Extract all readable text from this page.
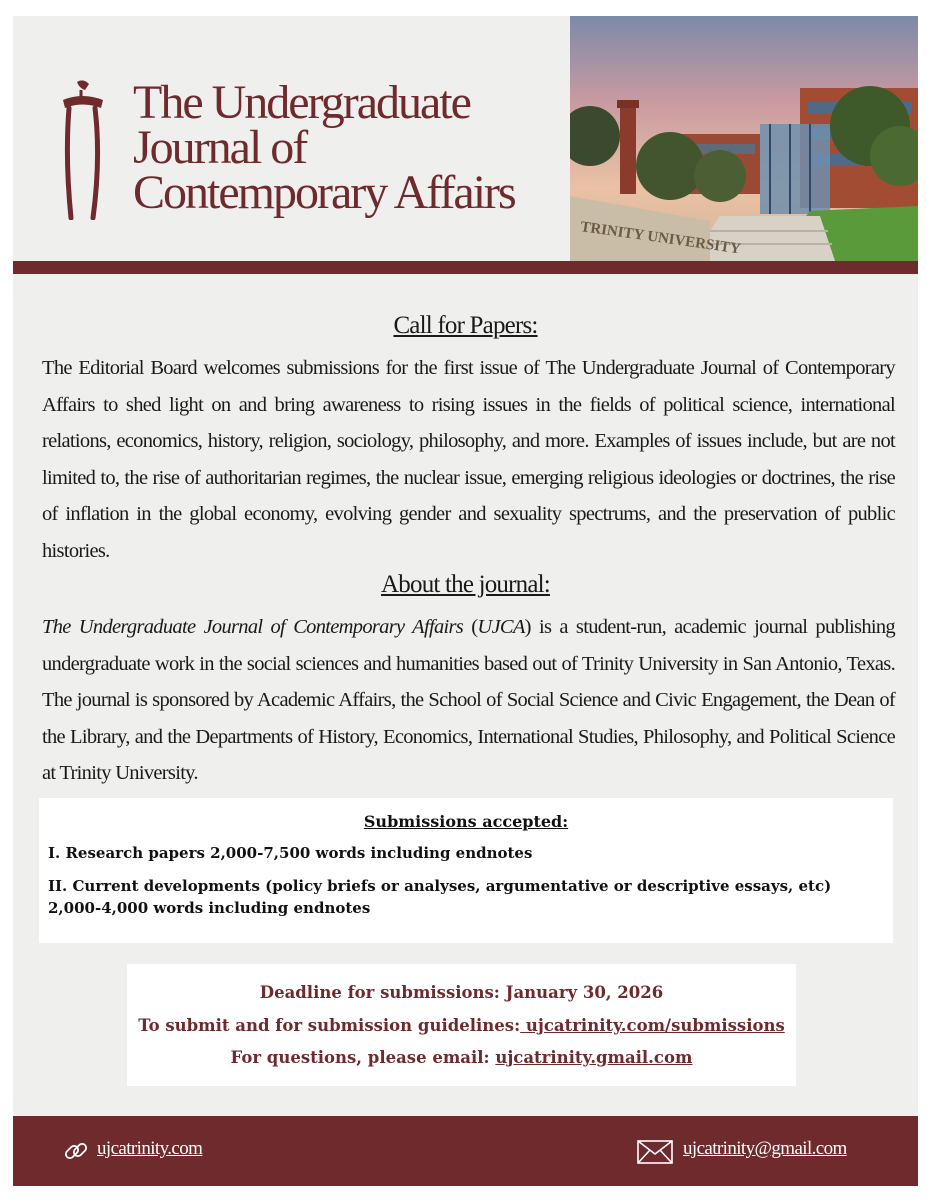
The Undergraduate
Journal of
Contemporary Affairs
TRINITY UNIVERSITY
Call for Papers:

The Editorial Board welcomes submissions for the first issue of The Undergraduate Journal of Contemporary Affairs to shed light on and bring awareness to rising issues in the fields of political science, international relations, economics, history, religion, sociology, philosophy, and more. Examples of issues include, but are not limited to, the rise of authoritarian regimes, the nuclear issue, emerging religious ideologies or doctrines, the rise of inflation in the global economy, evolving gender and sexuality spectrums, and the preservation of public histories.

About the journal:

The Undergraduate Journal of Contemporary Affairs (UJCA) is a student-run, academic journal publishing undergraduate work in the social sciences and humanities based out of Trinity University in San Antonio, Texas. The journal is sponsored by Academic Affairs, the School of Social Science and Civic Engagement, the Dean of the Library, and the Departments of History, Economics, International Studies, Philosophy, and Political Science at Trinity University.

Submissions accepted:
I. Research papers 2,000-7,500 words including endnotes
II. Current developments (policy briefs or analyses, argumentative or descriptive essays, etc) 2,000-4,000 words including endnotes
Deadline for submissions: January 30, 2026
To submit and for submission guidelines: ujcatrinity.com/submissions
For questions, please email: ujcatrinity.gmail.com
ujcatrinity.com	ujcatrinity@gmail.com
